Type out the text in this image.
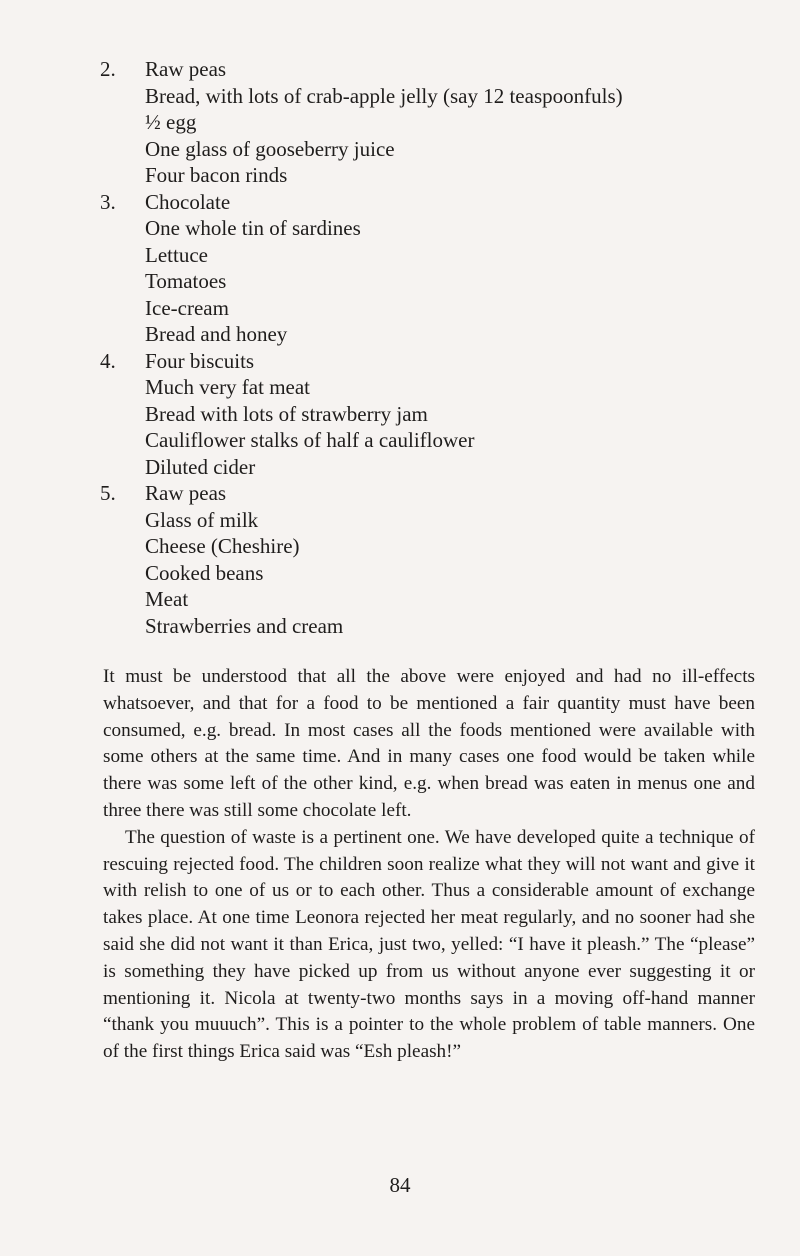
2.	Raw peas
Bread, with lots of crab-apple jelly (say 12 teaspoonfuls)
½ egg
One glass of gooseberry juice
Four bacon rinds
3.	Chocolate
One whole tin of sardines
Lettuce
Tomatoes
Ice-cream
Bread and honey
4.	Four biscuits
Much very fat meat
Bread with lots of strawberry jam
Cauliflower stalks of half a cauliflower
Diluted cider
5.	Raw peas
Glass of milk
Cheese (Cheshire)
Cooked beans
Meat
Strawberries and cream

It must be understood that all the above were enjoyed and had no ill-effects whatsoever, and that for a food to be mentioned a fair quantity must have been consumed, e.g. bread. In most cases all the foods mentioned were available with some others at the same time. And in many cases one food would be taken while there was some left of the other kind, e.g. when bread was eaten in menus one and three there was still some chocolate left.

The question of waste is a pertinent one. We have developed quite a technique of rescuing rejected food. The children soon realize what they will not want and give it with relish to one of us or to each other. Thus a considerable amount of exchange takes place. At one time Leonora rejected her meat regularly, and no sooner had she said she did not want it than Erica, just two, yelled: “I have it pleash.” The “please” is something they have picked up from us without anyone ever suggesting it or mentioning it. Nicola at twenty-two months says in a moving off-hand manner “thank you muuuch”. This is a pointer to the whole problem of table manners. One of the first things Erica said was “Esh pleash!”

84
